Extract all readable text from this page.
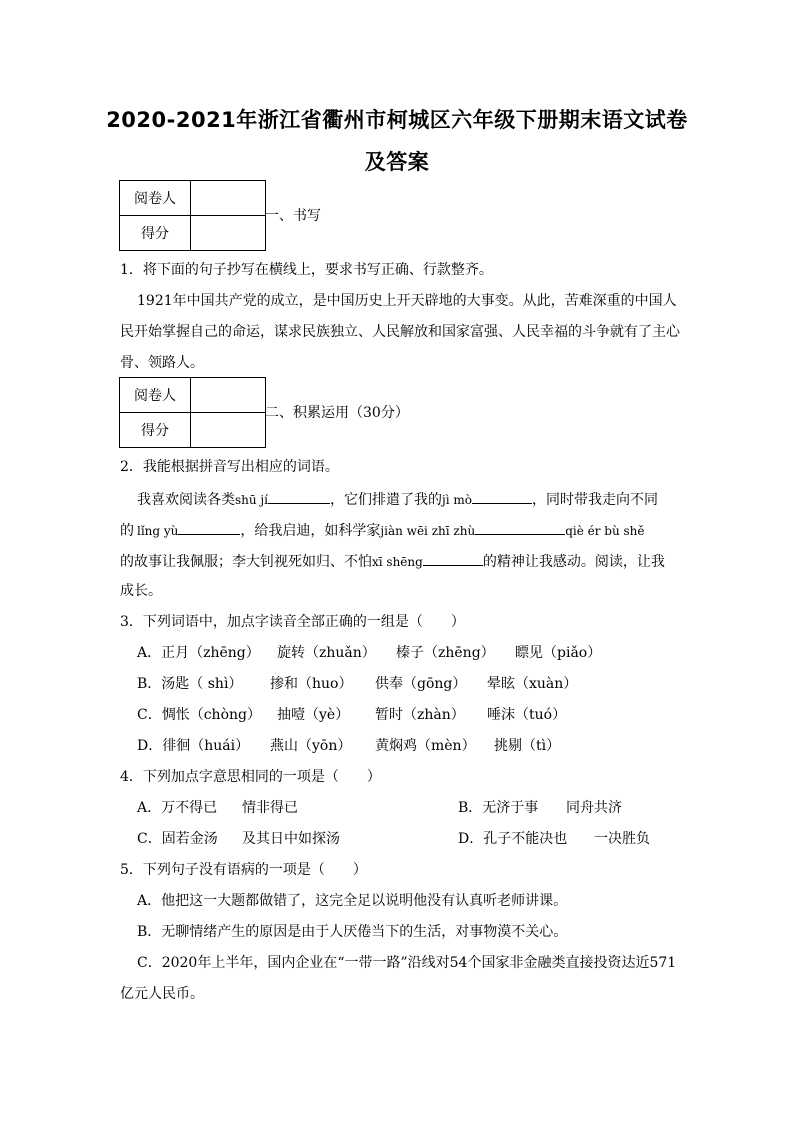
2020-2021年浙江省衢州市柯城区六年级下册期末语文试卷
及答案
阅卷人	
得分	
一、书写
1．将下面的句子抄写在横线上，要求书写正确、行款整齐。
1921年中国共产党的成立，是中国历史上开天辟地的大事变。从此，苦难深重的中国人
民开始掌握自己的命运，谋求民族独立、人民解放和国家富强、人民幸福的斗争就有了主心
骨、领路人。
阅卷人	
得分	
二、积累运用（30分）
2．我能根据拼音写出相应的词语。
我喜欢阅读各类shū jí	，它们排遣了我的jì mò	，同时带我走向不同
的 lǐng yù	，给我启迪，如科学家jiàn wēi zhī zhù	qiè ér bù shě
的故事让我佩服；李大钊视死如归、不怕xī shēng	的精神让我感动。阅读，让我
成长。
3．下列词语中，加点字读音全部正确的一组是（　　）
A．正月（zhēng） 旋转（zhuǎn） 榛子（zhēng） 瞟见（piǎo）
B．汤匙（ shì） 掺和（huo） 供奉（gōng） 晕眩（xuàn）
C．惆怅（chòng） 抽噎（yè） 暂时（zhàn） 唾沫（tuó）
D．徘徊（huái） 燕山（yōn） 黄焖鸡（mèn） 挑剔（tì）
4．下列加点字意思相同的一项是（　　）
A．万不得已 情非得已	B．无济于事 同舟共济
C．固若金汤 及其日中如探汤	D．孔子不能决也 一决胜负
5．下列句子没有语病的一项是（　　）
A．他把这一大题都做错了，这完全足以说明他没有认真听老师讲课。
B．无聊情绪产生的原因是由于人厌倦当下的生活，对事物漠不关心。
C．2020年上半年，国内企业在“一带一路”沿线对54个国家非金融类直接投资达近571
亿元人民币。
